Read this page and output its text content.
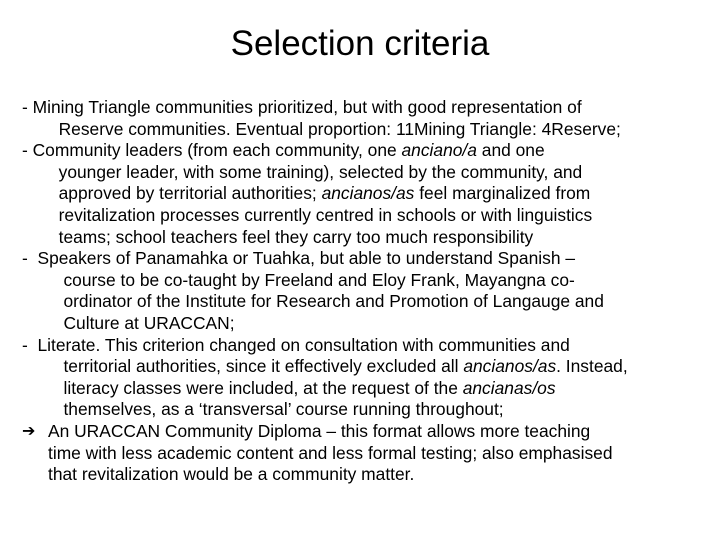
Selection criteria
- Mining Triangle communities prioritized, but with good representation of
Reserve communities. Eventual proportion: 11Mining Triangle: 4Reserve;
- Community leaders (from each community, one anciano/a and one
younger leader, with some training), selected by the community, and
approved by territorial authorities; ancianos/as feel marginalized from
revitalization processes currently centred in schools or with linguistics
teams; school teachers feel they carry too much responsibility
- Speakers of Panamahka or Tuahka, but able to understand Spanish –
course to be co-taught by Freeland and Eloy Frank, Mayangna co-
ordinator of the Institute for Research and Promotion of Langauge and
Culture at URACCAN;
- Literate. This criterion changed on consultation with communities and
territorial authorities, since it effectively excluded all ancianos/as. Instead,
literacy classes were included, at the request of the ancianas/os
themselves, as a ‘transversal’ course running throughout;
➔ An URACCAN Community Diploma – this format allows more teaching
time with less academic content and less formal testing; also emphasised
that revitalization would be a community matter.
